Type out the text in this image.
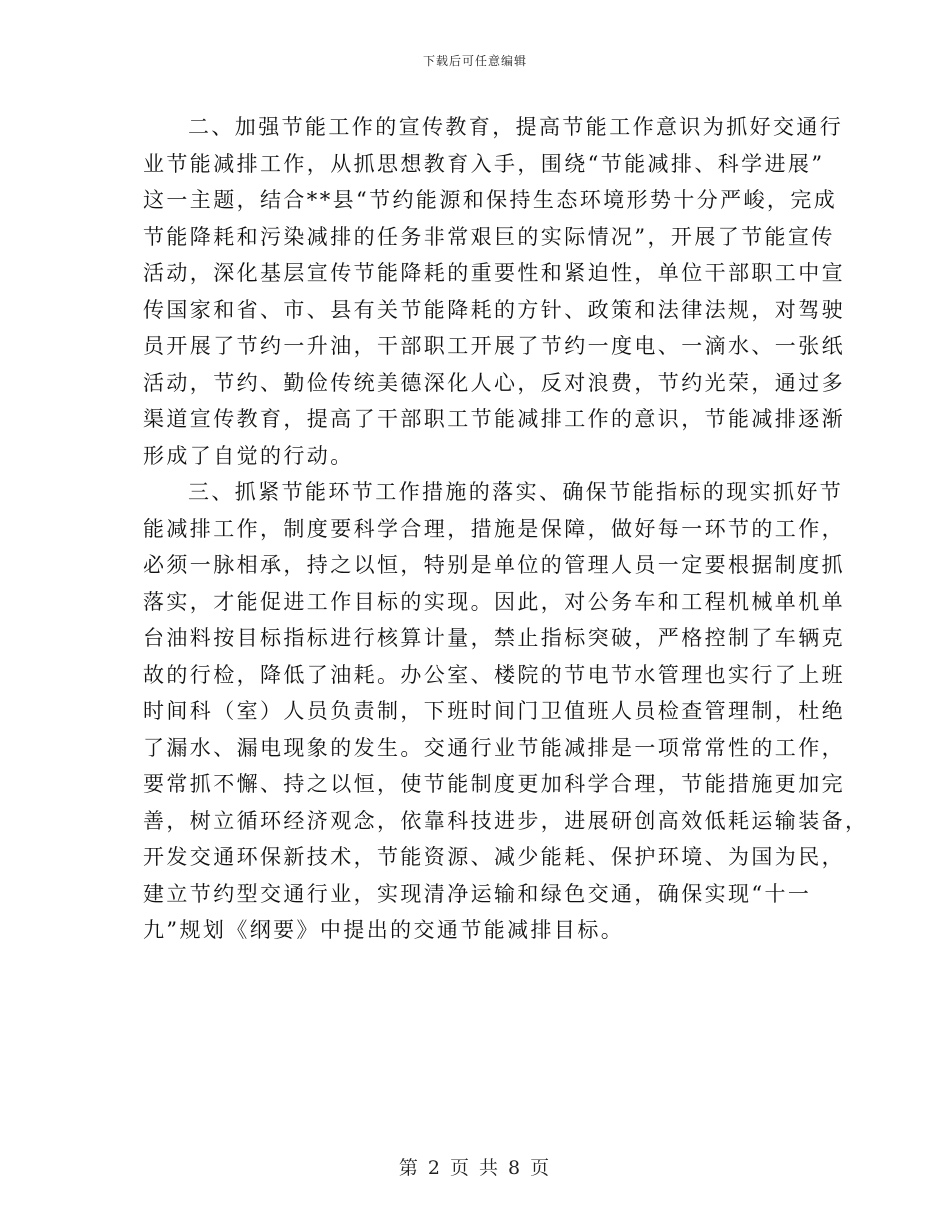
下载后可任意编辑

二、加强节能工作的宣传教育，提高节能工作意识为抓好交通行
业节能减排工作，从抓思想教育入手，围绕“节能减排、科学进展”
这一主题，结合**县“节约能源和保持生态环境形势十分严峻，完成
节能降耗和污染减排的任务非常艰巨的实际情况”，开展了节能宣传
活动，深化基层宣传节能降耗的重要性和紧迫性，单位干部职工中宣
传国家和省、市、县有关节能降耗的方针、政策和法律法规，对驾驶
员开展了节约一升油，干部职工开展了节约一度电、一滴水、一张纸
活动，节约、勤俭传统美德深化人心，反对浪费，节约光荣，通过多
渠道宣传教育，提高了干部职工节能减排工作的意识，节能减排逐渐
形成了自觉的行动。

三、抓紧节能环节工作措施的落实、确保节能指标的现实抓好节
能减排工作，制度要科学合理，措施是保障，做好每一环节的工作，
必须一脉相承，持之以恒，特别是单位的管理人员一定要根据制度抓
落实，才能促进工作目标的实现。因此，对公务车和工程机械单机单
台油料按目标指标进行核算计量，禁止指标突破，严格控制了车辆克
故的行检，降低了油耗。办公室、楼院的节电节水管理也实行了上班
时间科（室）人员负责制，下班时间门卫值班人员检查管理制，杜绝
了漏水、漏电现象的发生。交通行业节能减排是一项常常性的工作，
要常抓不懈、持之以恒，使节能制度更加科学合理，节能措施更加完
善，树立循环经济观念，依靠科技进步，进展研创高效低耗运输装备，
开发交通环保新技术，节能资源、减少能耗、保护环境、为国为民，
建立节约型交通行业，实现清净运输和绿色交通，确保实现“十一
九”规划《纲要》中提出的交通节能减排目标。

第 2 页 共 8 页
